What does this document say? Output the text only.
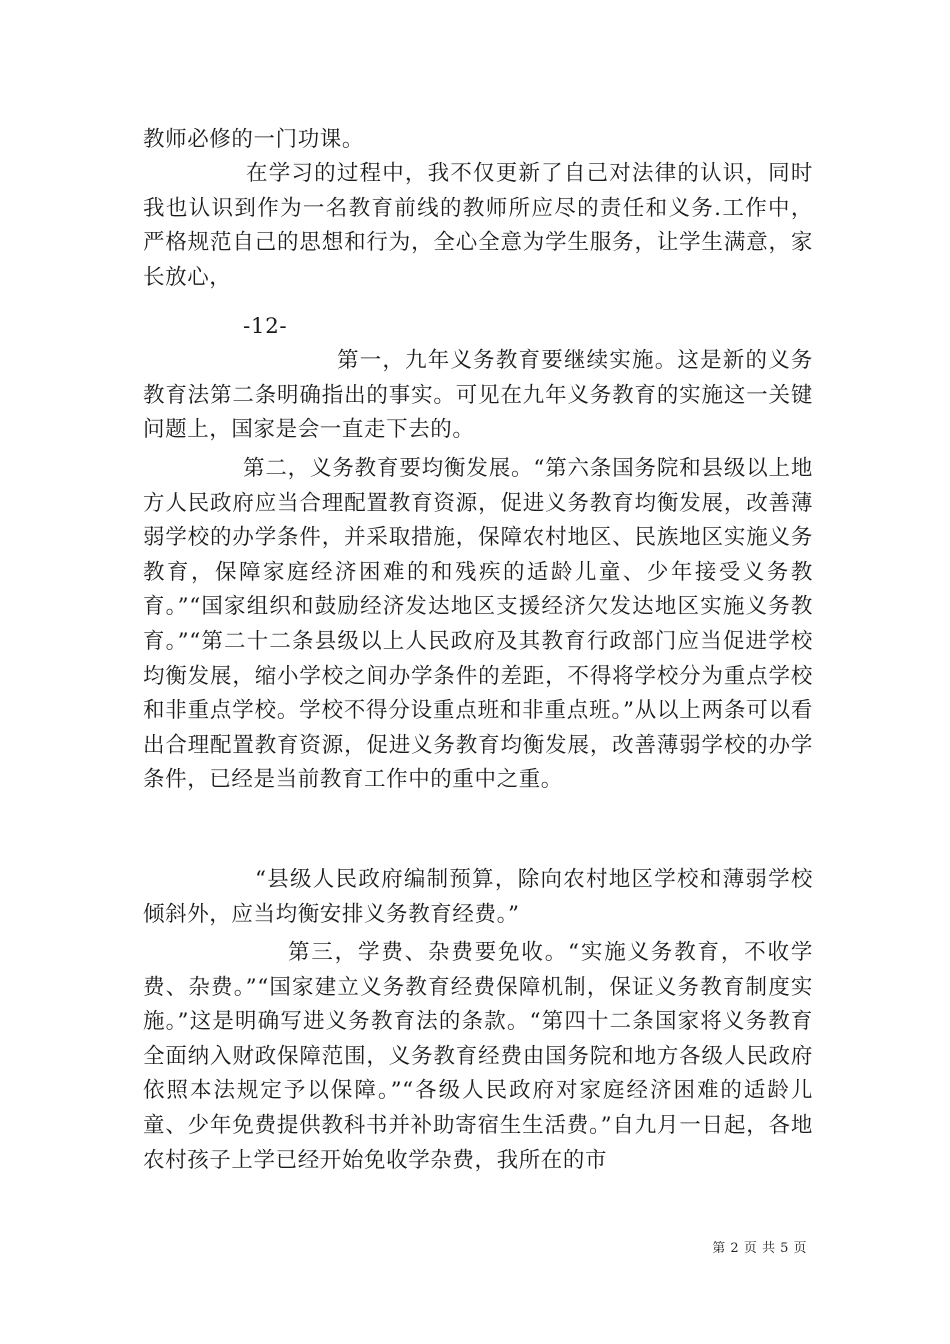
教师必修的一门功课。

在学习的过程中，我不仅更新了自己对法律的认识，同时我也认识到作为一名教育前线的教师所应尽的责任和义务.工作中，严格规范自己的思想和行为，全心全意为学生服务，让学生满意，家长放心，

-12-

第一，九年义务教育要继续实施。这是新的义务教育法第二条明确指出的事实。可见在九年义务教育的实施这一关键问题上，国家是会一直走下去的。

第二，义务教育要均衡发展。“第六条国务院和县级以上地方人民政府应当合理配置教育资源，促进义务教育均衡发展，改善薄弱学校的办学条件，并采取措施，保障农村地区、民族地区实施义务教育，保障家庭经济困难的和残疾的适龄儿童、少年接受义务教育。”“国家组织和鼓励经济发达地区支援经济欠发达地区实施义务教育。”“第二十二条县级以上人民政府及其教育行政部门应当促进学校均衡发展，缩小学校之间办学条件的差距，不得将学校分为重点学校和非重点学校。学校不得分设重点班和非重点班。”从以上两条可以看出合理配置教育资源，促进义务教育均衡发展，改善薄弱学校的办学条件，已经是当前教育工作中的重中之重。

“县级人民政府编制预算，除向农村地区学校和薄弱学校倾斜外，应当均衡安排义务教育经费。”

第三，学费、杂费要免收。“实施义务教育，不收学费、杂费。”“国家建立义务教育经费保障机制，保证义务教育制度实施。”这是明确写进义务教育法的条款。“第四十二条国家将义务教育全面纳入财政保障范围，义务教育经费由国务院和地方各级人民政府依照本法规定予以保障。”“各级人民政府对家庭经济困难的适龄儿童、少年免费提供教科书并补助寄宿生生活费。”自九月一日起，各地农村孩子上学已经开始免收学杂费，我所在的市

第 2 页 共 5 页
